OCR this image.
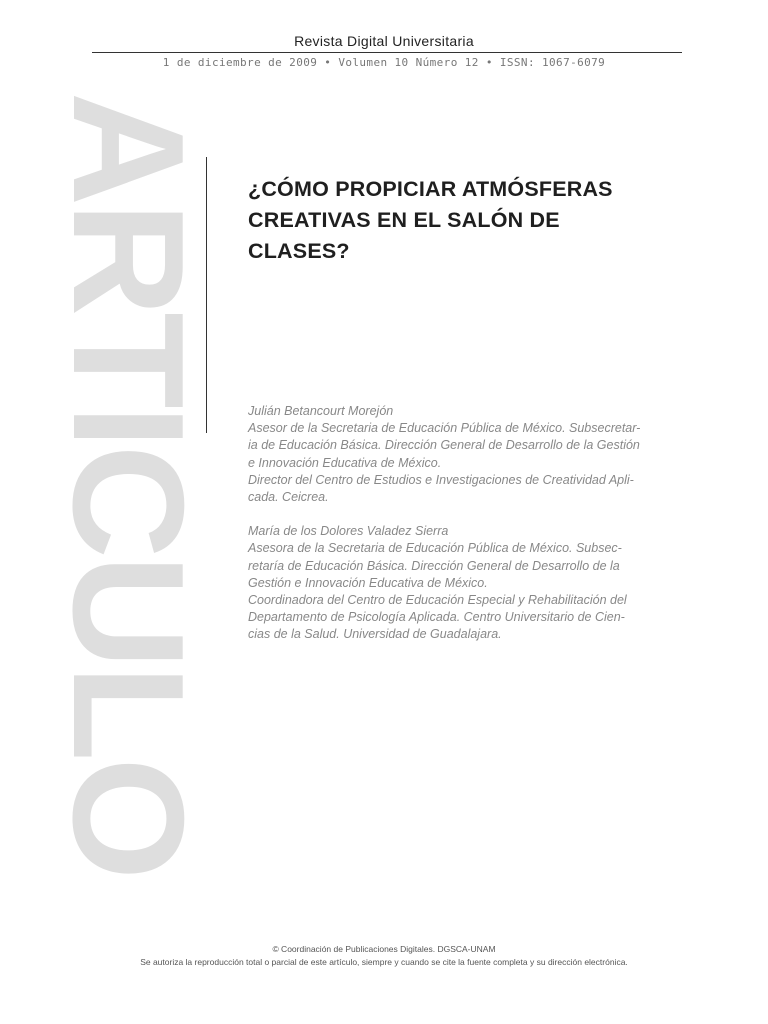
Revista Digital Universitaria
1 de diciembre de 2009 • Volumen 10 Número 12 • ISSN: 1067-6079
ARTICULO ¿CÓMO PROPICIAR ATMÓSFERAS
CREATIVAS EN EL SALÓN DE
CLASES?
Julián Betancourt Morejón
Asesor de la Secretaria de Educación Pública de México. Subsecretar-
ia de Educación Básica. Dirección General de Desarrollo de la Gestión
e Innovación Educativa de México.
Director del Centro de Estudios e Investigaciones de Creatividad Apli-
cada. Ceicrea.
María de los Dolores Valadez Sierra
Asesora de la Secretaria de Educación Pública de México. Subsec-
retaría de Educación Básica. Dirección General de Desarrollo de la
Gestión e Innovación Educativa de México.
Coordinadora del Centro de Educación Especial y Rehabilitación del
Departamento de Psicología Aplicada. Centro Universitario de Cien-
cias de la Salud. Universidad de Guadalajara.
© Coordinación de Publicaciones Digitales. DGSCA-UNAM
Se autoriza la reproducción total o parcial de este artículo, siempre y cuando se cite la fuente completa y su dirección electrónica.
